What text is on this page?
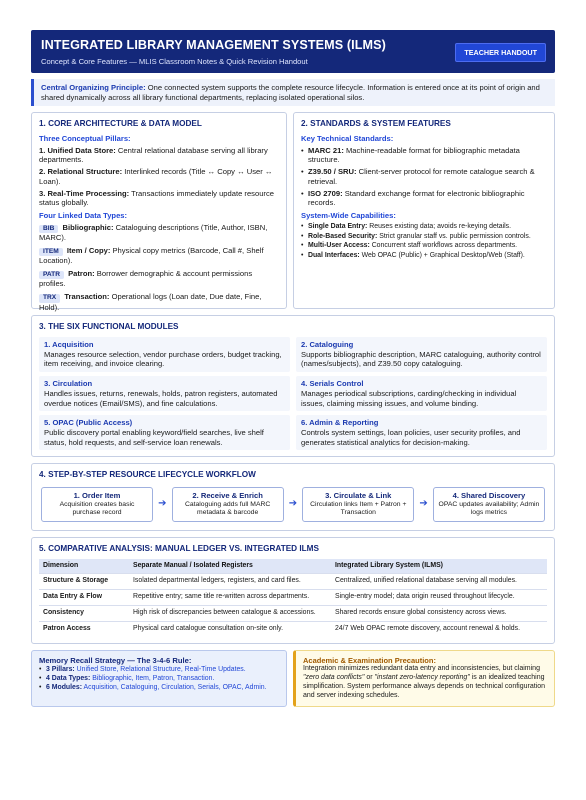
INTEGRATED LIBRARY MANAGEMENT SYSTEMS (ILMS)
Concept & Core Features — MLIS Classroom Notes & Quick Revision Handout
TEACHER HANDOUT
Central Organizing Principle: One connected system supports the complete resource lifecycle. Information is entered once at its point of origin and shared dynamically across all library functional departments, replacing isolated operational silos.
1. CORE ARCHITECTURE & DATA MODEL
Three Conceptual Pillars:
1. Unified Data Store: Central relational database serving all library departments.
2. Relational Structure: Interlinked records (Title ↔ Copy ↔ User ↔ Loan).
3. Real-Time Processing: Transactions immediately update resource status globally.
Four Linked Data Types:
BIB Bibliographic: Cataloguing descriptions (Title, Author, ISBN, MARC).
ITEM Item / Copy: Physical copy metrics (Barcode, Call #, Shelf Location).
PATR Patron: Borrower demographic & account permissions profiles.
TRX Transaction: Operational logs (Loan date, Due date, Fine, Hold).
2. STANDARDS & SYSTEM FEATURES
Key Technical Standards:
• MARC 21: Machine-readable format for bibliographic metadata structure.
• Z39.50 / SRU: Client-server protocol for remote catalogue search & retrieval.
• ISO 2709: Standard exchange format for electronic bibliographic records.
System-Wide Capabilities:
• Single Data Entry: Reuses existing data; avoids re-keying details.
• Role-Based Security: Strict granular staff vs. public permission controls.
• Multi-User Access: Concurrent staff workflows across departments.
• Dual Interfaces: Web OPAC (Public) + Graphical Desktop/Web (Staff).
3. THE SIX FUNCTIONAL MODULES
1. Acquisition
Manages resource selection, vendor purchase orders, budget tracking, item receiving, and invoice clearing.
2. Cataloguing
Supports bibliographic description, MARC cataloguing, authority control (names/subjects), and Z39.50 copy cataloguing.
3. Circulation
Handles issues, returns, renewals, holds, patron registers, automated overdue notices (Email/SMS), and fine calculations.
4. Serials Control
Manages periodical subscriptions, carding/checking in individual issues, claiming missing issues, and volume binding.
5. OPAC (Public Access)
Public discovery portal enabling keyword/field searches, live shelf status, hold requests, and self-service loan renewals.
6. Admin & Reporting
Controls system settings, loan policies, user security profiles, and generates statistical analytics for decision-making.
4. STEP-BY-STEP RESOURCE LIFECYCLE WORKFLOW
1. Order Item
Acquisition creates basic purchase record
➔
2. Receive & Enrich
Cataloguing adds full MARC metadata & barcode
➔
3. Circulate & Link
Circulation links Item + Patron + Transaction
➔
4. Shared Discovery
OPAC updates availability; Admin logs metrics
5. COMPARATIVE ANALYSIS: MANUAL LEDGER VS. INTEGRATED ILMS
Dimension	Separate Manual / Isolated Registers	Integrated Library System (ILMS)
Structure & Storage	Isolated departmental ledgers, registers, and card files.	Centralized, unified relational database serving all modules.
Data Entry & Flow	Repetitive entry; same title re-written across departments.	Single-entry model; data origin reused throughout lifecycle.
Consistency	High risk of discrepancies between catalogue & accessions.	Shared records ensure global consistency across views.
Patron Access	Physical card catalogue consultation on-site only.	24/7 Web OPAC remote discovery, account renewal & holds.
Memory Recall Strategy — The 3-4-6 Rule:
• 3 Pillars: Unified Store, Relational Structure, Real-Time Updates.
• 4 Data Types: Bibliographic, Item, Patron, Transaction.
• 6 Modules: Acquisition, Cataloguing, Circulation, Serials, OPAC, Admin.
Academic & Examination Precaution:
Integration minimizes redundant data entry and inconsistencies, but claiming "zero data conflicts" or "instant zero-latency reporting" is an idealized teaching simplification. System performance always depends on technical configuration and server indexing schedules.
